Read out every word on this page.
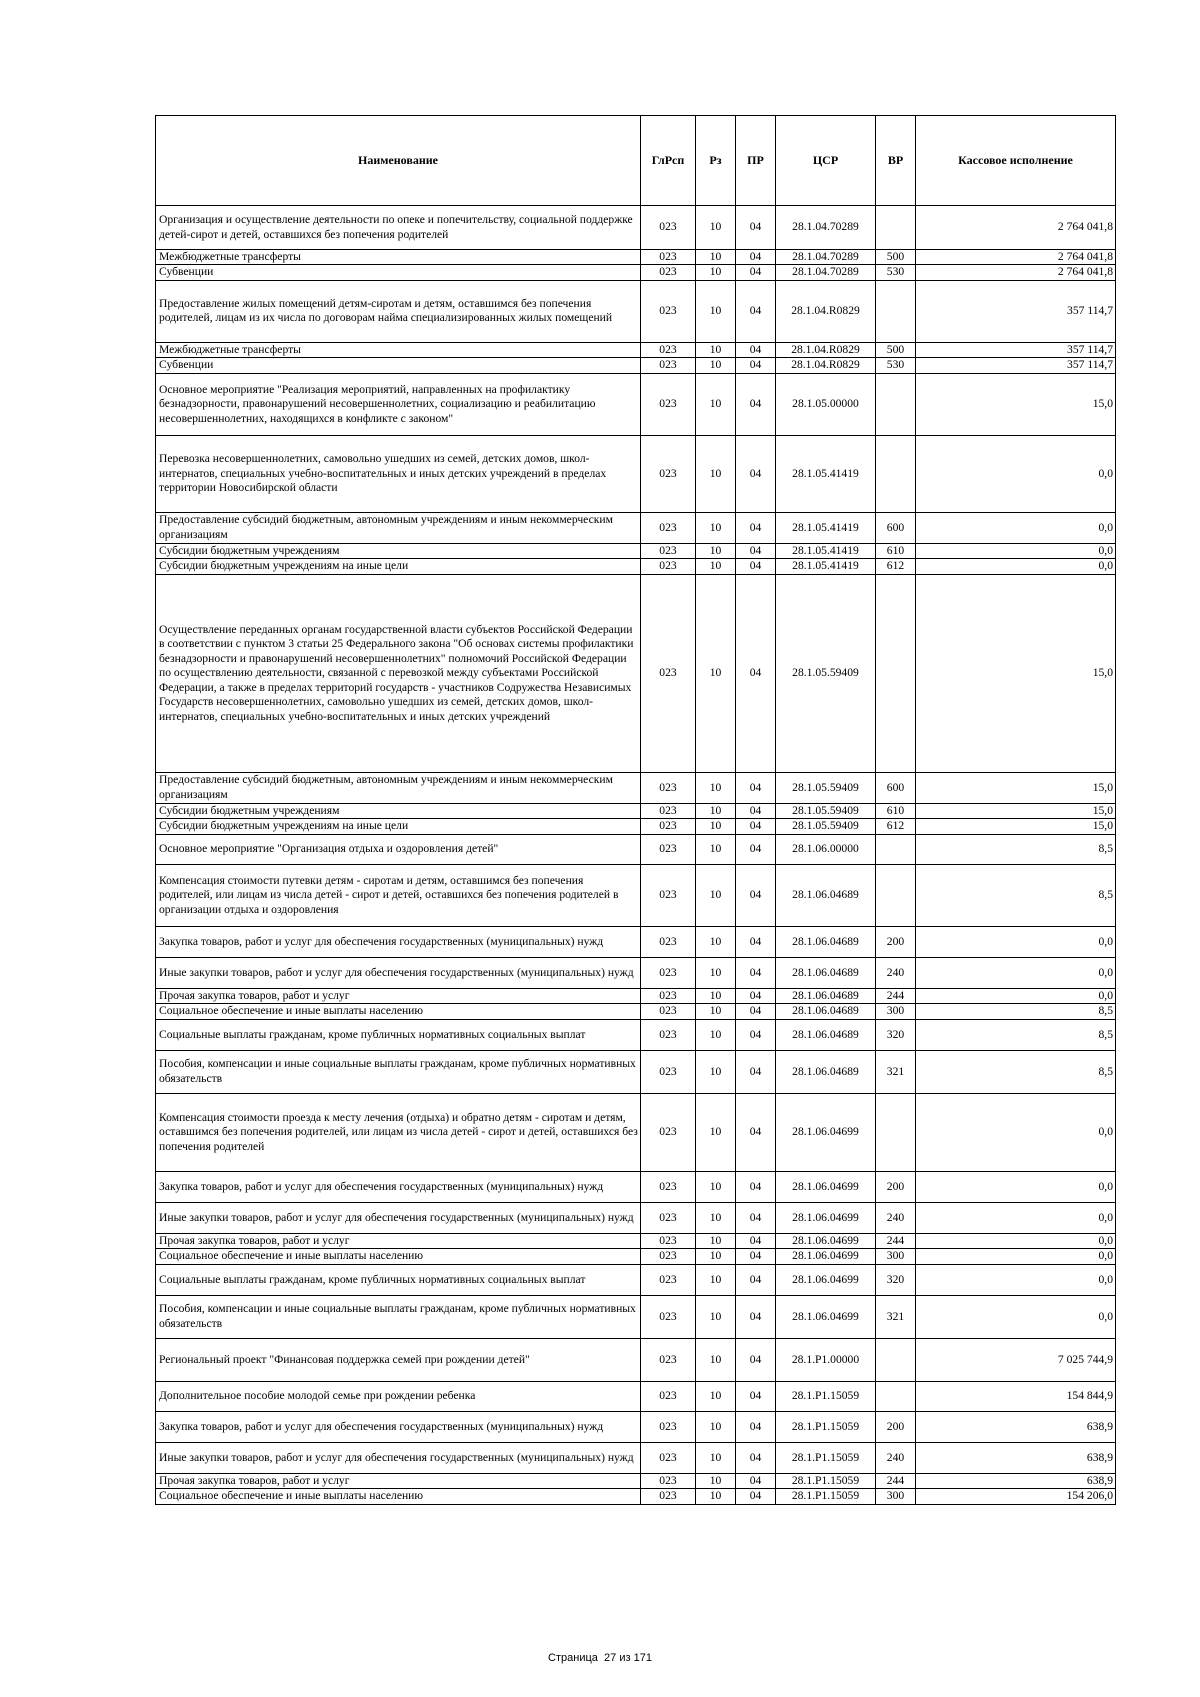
Наименование	ГлРсп	Рз	ПР	ЦСР	ВР	Кассовое исполнение

Организация и осуществление деятельности по опеке и попечительству, социальной поддержке детей-сирот и детей, оставшихся без попечения родителей	023	10	04	28.1.04.70289		2 764 041,8

Межбюджетные трансферты	023	10	04	28.1.04.70289	500	2 764 041,8

Субвенции	023	10	04	28.1.04.70289	530	2 764 041,8

Предоставление жилых помещений детям-сиротам и детям, оставшимся без попечения родителей, лицам из их числа по договорам найма специализированных жилых помещений	023	10	04	28.1.04.R0829		357 114,7

Межбюджетные трансферты	023	10	04	28.1.04.R0829	500	357 114,7

Субвенции	023	10	04	28.1.04.R0829	530	357 114,7

Основное мероприятие "Реализация мероприятий, направленных на профилактику безнадзорности, правонарушений несовершеннолетних, социализацию и реабилитацию несовершеннолетних, находящихся в конфликте с законом"	023	10	04	28.1.05.00000		15,0

Перевозка несовершеннолетних, самовольно ушедших из семей, детских домов, школ-интернатов, специальных учебно-воспитательных и иных детских учреждений в пределах территории Новосибирской области	023	10	04	28.1.05.41419		0,0

Предоставление субсидий бюджетным, автономным учреждениям и иным некоммерческим организациям	023	10	04	28.1.05.41419	600	0,0

Субсидии бюджетным учреждениям	023	10	04	28.1.05.41419	610	0,0

Субсидии бюджетным учреждениям на иные цели	023	10	04	28.1.05.41419	612	0,0

Осуществление переданных органам государственной власти субъектов Российской Федерации в соответствии с пунктом 3 статьи 25 Федерального закона "Об основах системы профилактики безнадзорности и правонарушений несовершеннолетних" полномочий Российской Федерации по осуществлению деятельности, связанной с перевозкой между субъектами Российской Федерации, а также в пределах территорий государств - участников Содружества Независимых Государств несовершеннолетних, самовольно ушедших из семей, детских домов, школ-интернатов, специальных учебно-воспитательных и иных детских учреждений	023	10	04	28.1.05.59409		15,0

Предоставление субсидий бюджетным, автономным учреждениям и иным некоммерческим организациям	023	10	04	28.1.05.59409	600	15,0

Субсидии бюджетным учреждениям	023	10	04	28.1.05.59409	610	15,0

Субсидии бюджетным учреждениям на иные цели	023	10	04	28.1.05.59409	612	15,0

Основное мероприятие "Организация отдыха и оздоровления детей"	023	10	04	28.1.06.00000		8,5

Компенсация стоимости путевки детям - сиротам и детям, оставшимся без попечения родителей, или лицам из числа детей - сирот и детей, оставшихся без попечения родителей в организации отдыха и оздоровления	023	10	04	28.1.06.04689		8,5

Закупка товаров, работ и услуг для обеспечения государственных (муниципальных) нужд	023	10	04	28.1.06.04689	200	0,0

Иные закупки товаров, работ и услуг для обеспечения государственных (муниципальных) нужд	023	10	04	28.1.06.04689	240	0,0

Прочая закупка товаров, работ и услуг	023	10	04	28.1.06.04689	244	0,0

Социальное обеспечение и иные выплаты населению	023	10	04	28.1.06.04689	300	8,5

Социальные выплаты гражданам, кроме публичных нормативных социальных выплат	023	10	04	28.1.06.04689	320	8,5

Пособия, компенсации и иные социальные выплаты гражданам, кроме публичных нормативных обязательств	023	10	04	28.1.06.04689	321	8,5

Компенсация стоимости проезда к месту лечения (отдыха) и обратно детям - сиротам и детям, оставшимся без попечения родителей, или лицам из числа детей - сирот и детей, оставшихся без попечения родителей	023	10	04	28.1.06.04699		0,0

Закупка товаров, работ и услуг для обеспечения государственных (муниципальных) нужд	023	10	04	28.1.06.04699	200	0,0

Иные закупки товаров, работ и услуг для обеспечения государственных (муниципальных) нужд	023	10	04	28.1.06.04699	240	0,0

Прочая закупка товаров, работ и услуг	023	10	04	28.1.06.04699	244	0,0

Социальное обеспечение и иные выплаты населению	023	10	04	28.1.06.04699	300	0,0

Социальные выплаты гражданам, кроме публичных нормативных социальных выплат	023	10	04	28.1.06.04699	320	0,0

Пособия, компенсации и иные социальные выплаты гражданам, кроме публичных нормативных обязательств	023	10	04	28.1.06.04699	321	0,0

Региональный проект "Финансовая поддержка семей при рождении детей"	023	10	04	28.1.P1.00000		7 025 744,9

Дополнительное пособие молодой семье при рождении ребенка	023	10	04	28.1.P1.15059		154 844,9

Закупка товаров, работ и услуг для обеспечения государственных (муниципальных) нужд	023	10	04	28.1.P1.15059	200	638,9

Иные закупки товаров, работ и услуг для обеспечения государственных (муниципальных) нужд	023	10	04	28.1.P1.15059	240	638,9

Прочая закупка товаров, работ и услуг	023	10	04	28.1.P1.15059	244	638,9

Социальное обеспечение и иные выплаты населению	023	10	04	28.1.P1.15059	300	154 206,0
Страница 27 из 171
